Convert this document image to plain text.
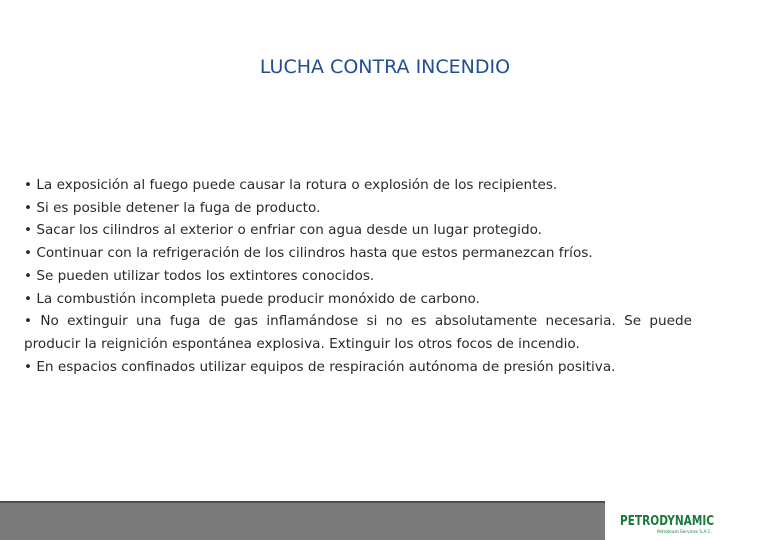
LUCHA CONTRA INCENDIO
• La exposición al fuego puede causar la rotura o explosión de los recipientes.
• Si es posible detener la fuga de producto.
• Sacar los cilindros al exterior o enfriar con agua desde un lugar protegido.
• Continuar con la refrigeración de los cilindros hasta que estos permanezcan fríos.
• Se pueden utilizar todos los extintores conocidos.
• La combustión incompleta puede producir monóxido de carbono.
• No extinguir una fuga de gas inflamándose si no es absolutamente necesaria. Se puede producir la reignición espontánea explosiva. Extinguir los otros focos de incendio.
• En espacios confinados utilizar equipos de respiración autónoma de presión positiva.
PETRODYNAMIC
Petroleum Services S.A.C.
